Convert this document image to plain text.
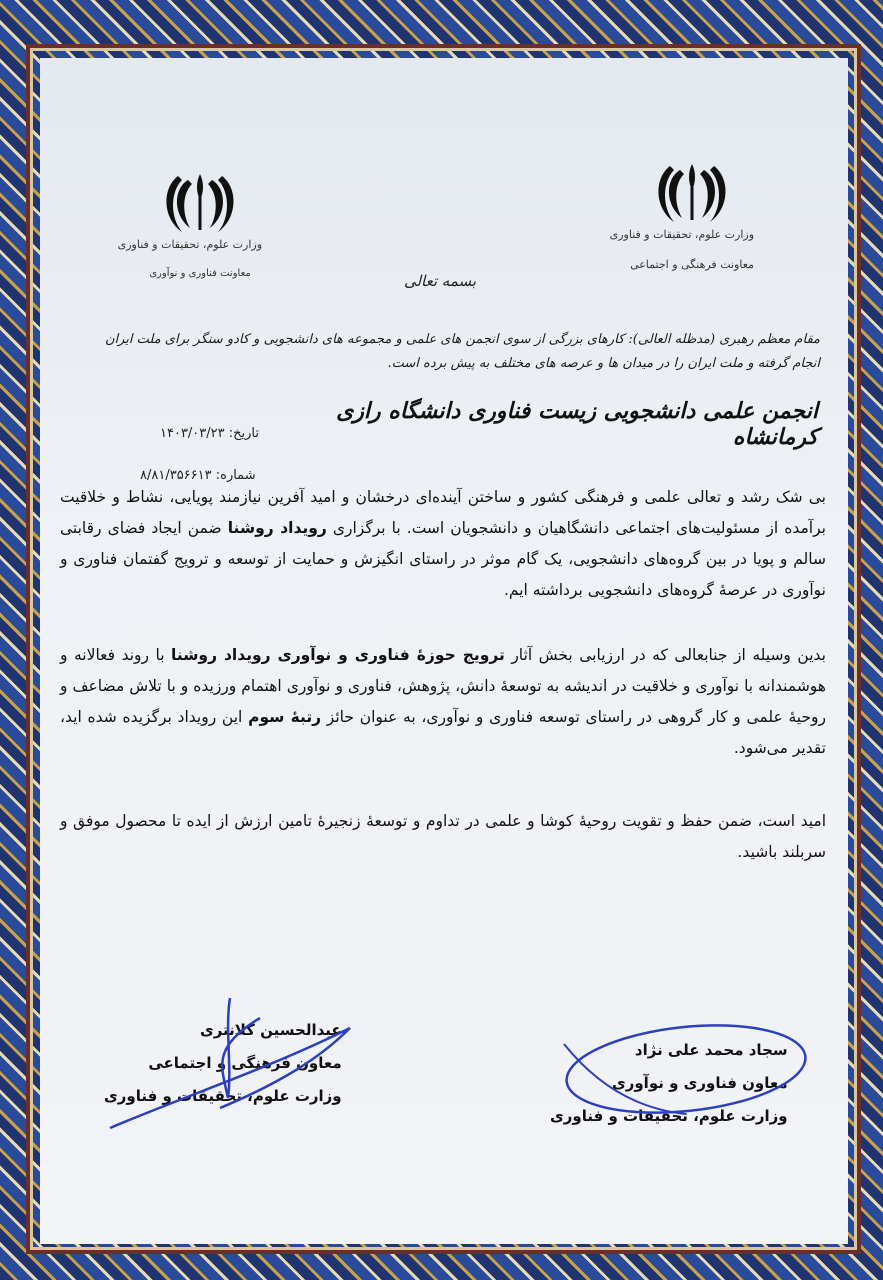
وزارت علوم، تحقیقات و فناوری
معاونت فناوری و نوآوری
وزارت علوم، تحقیقات و فناوری
معاونت فرهنگی و اجتماعی
بسمه تعالی
مقام معظم رهبری (مدظله العالی): کارهای بزرگی از سوی انجمن های علمی و مجموعه های دانشجویی و کادو سنگر برای ملت ایران انجام گرفته و ملت ایران را در میدان ها و عرصه های مختلف به پیش برده است.
انجمن علمی دانشجویی زیست فناوری دانشگاه رازی کرمانشاه
تاریخ: ۱۴۰۳/۰۳/۲۳
شماره: ۸/۸۱/۳۵۶۶۱۳
بی شک رشد و تعالی علمی و فرهنگی کشور و ساختن آینده‌ای درخشان و امید آفرین نیازمند پویایی، نشاط و خلاقیت برآمده از مسئولیت‌های اجتماعی دانشگاهیان و دانشجویان است. با برگزاری رویداد روشنا ضمن ایجاد فضای رقابتی سالم و پویا در بین گروه‌های دانشجویی، یک گام موثر در راستای انگیزش و حمایت از توسعه و ترویج گفتمان فناوری و نوآوری در عرصهٔ گروه‌های دانشجویی برداشته ایم.
بدین وسیله از جنابعالی که در ارزیابی بخش آثار ترویج حوزهٔ فناوری و نوآوری رویداد روشنا با روند فعالانه و هوشمندانه با نوآوری و خلاقیت در اندیشه به توسعهٔ دانش، پژوهش، فناوری و نوآوری اهتمام ورزیده و با تلاش مضاعف و روحیهٔ علمی و کار گروهی در راستای توسعه فناوری و نوآوری، به عنوان حائز رتبهٔ سوم این رویداد برگزیده شده اید، تقدیر می‌شود.
امید است، ضمن حفظ و تقویت روحیهٔ کوشا و علمی در تداوم و توسعهٔ زنجیرهٔ تامین ارزش از ایده تا محصول موفق و سربلند باشید.
عبدالحسین کلانتری
معاون فرهنگی و اجتماعی
وزارت علوم، تحقیقات و فناوری
سجاد محمد علی نژاد
معاون فناوری و نوآوری
وزارت علوم، تحقیقات و فناوری
